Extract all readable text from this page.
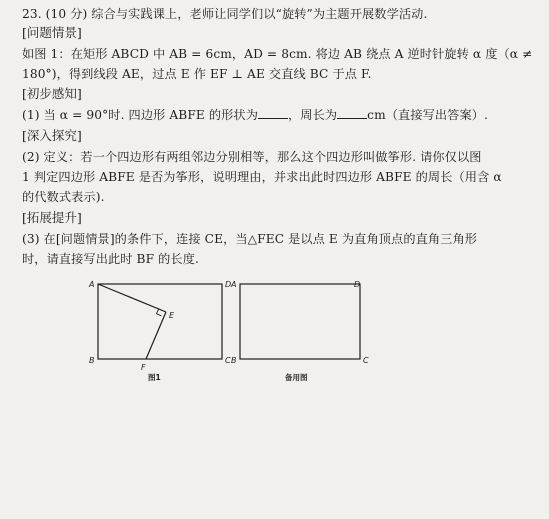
23. (10 分) 综合与实践课上，老师让同学们以“旋转”为主题开展数学活动.
[问题情景]
如图 1：在矩形 ABCD 中 AB = 6cm，AD = 8cm. 将边 AB 绕点 A 逆时针旋转 α 度（α ≠
180°)，得到线段 AE，过点 E 作 EF ⊥ AE 交直线 BC 于点 F.
[初步感知]
(1) 当 α = 90°时. 四边形 ABFE 的形状为 ，周长为 cm（直接写出答案）.
[深入探究]
(2) 定义：若一个四边形有两组邻边分别相等，那么这个四边形叫做筝形. 请你仅以图
1 判定四边形 ABFE 是否为筝形，说明理由，并求出此时四边形 ABFE 的周长（用含 α
的代数式表示).
[拓展提升]
(3) 在[问题情景]的条件下，连接 CE，当△FEC 是以点 E 为直角顶点的直角三角形
时，请直接写出此时 BF 的长度.
A	D
B	C
E
F
图1
A	D
B	C
备用图
